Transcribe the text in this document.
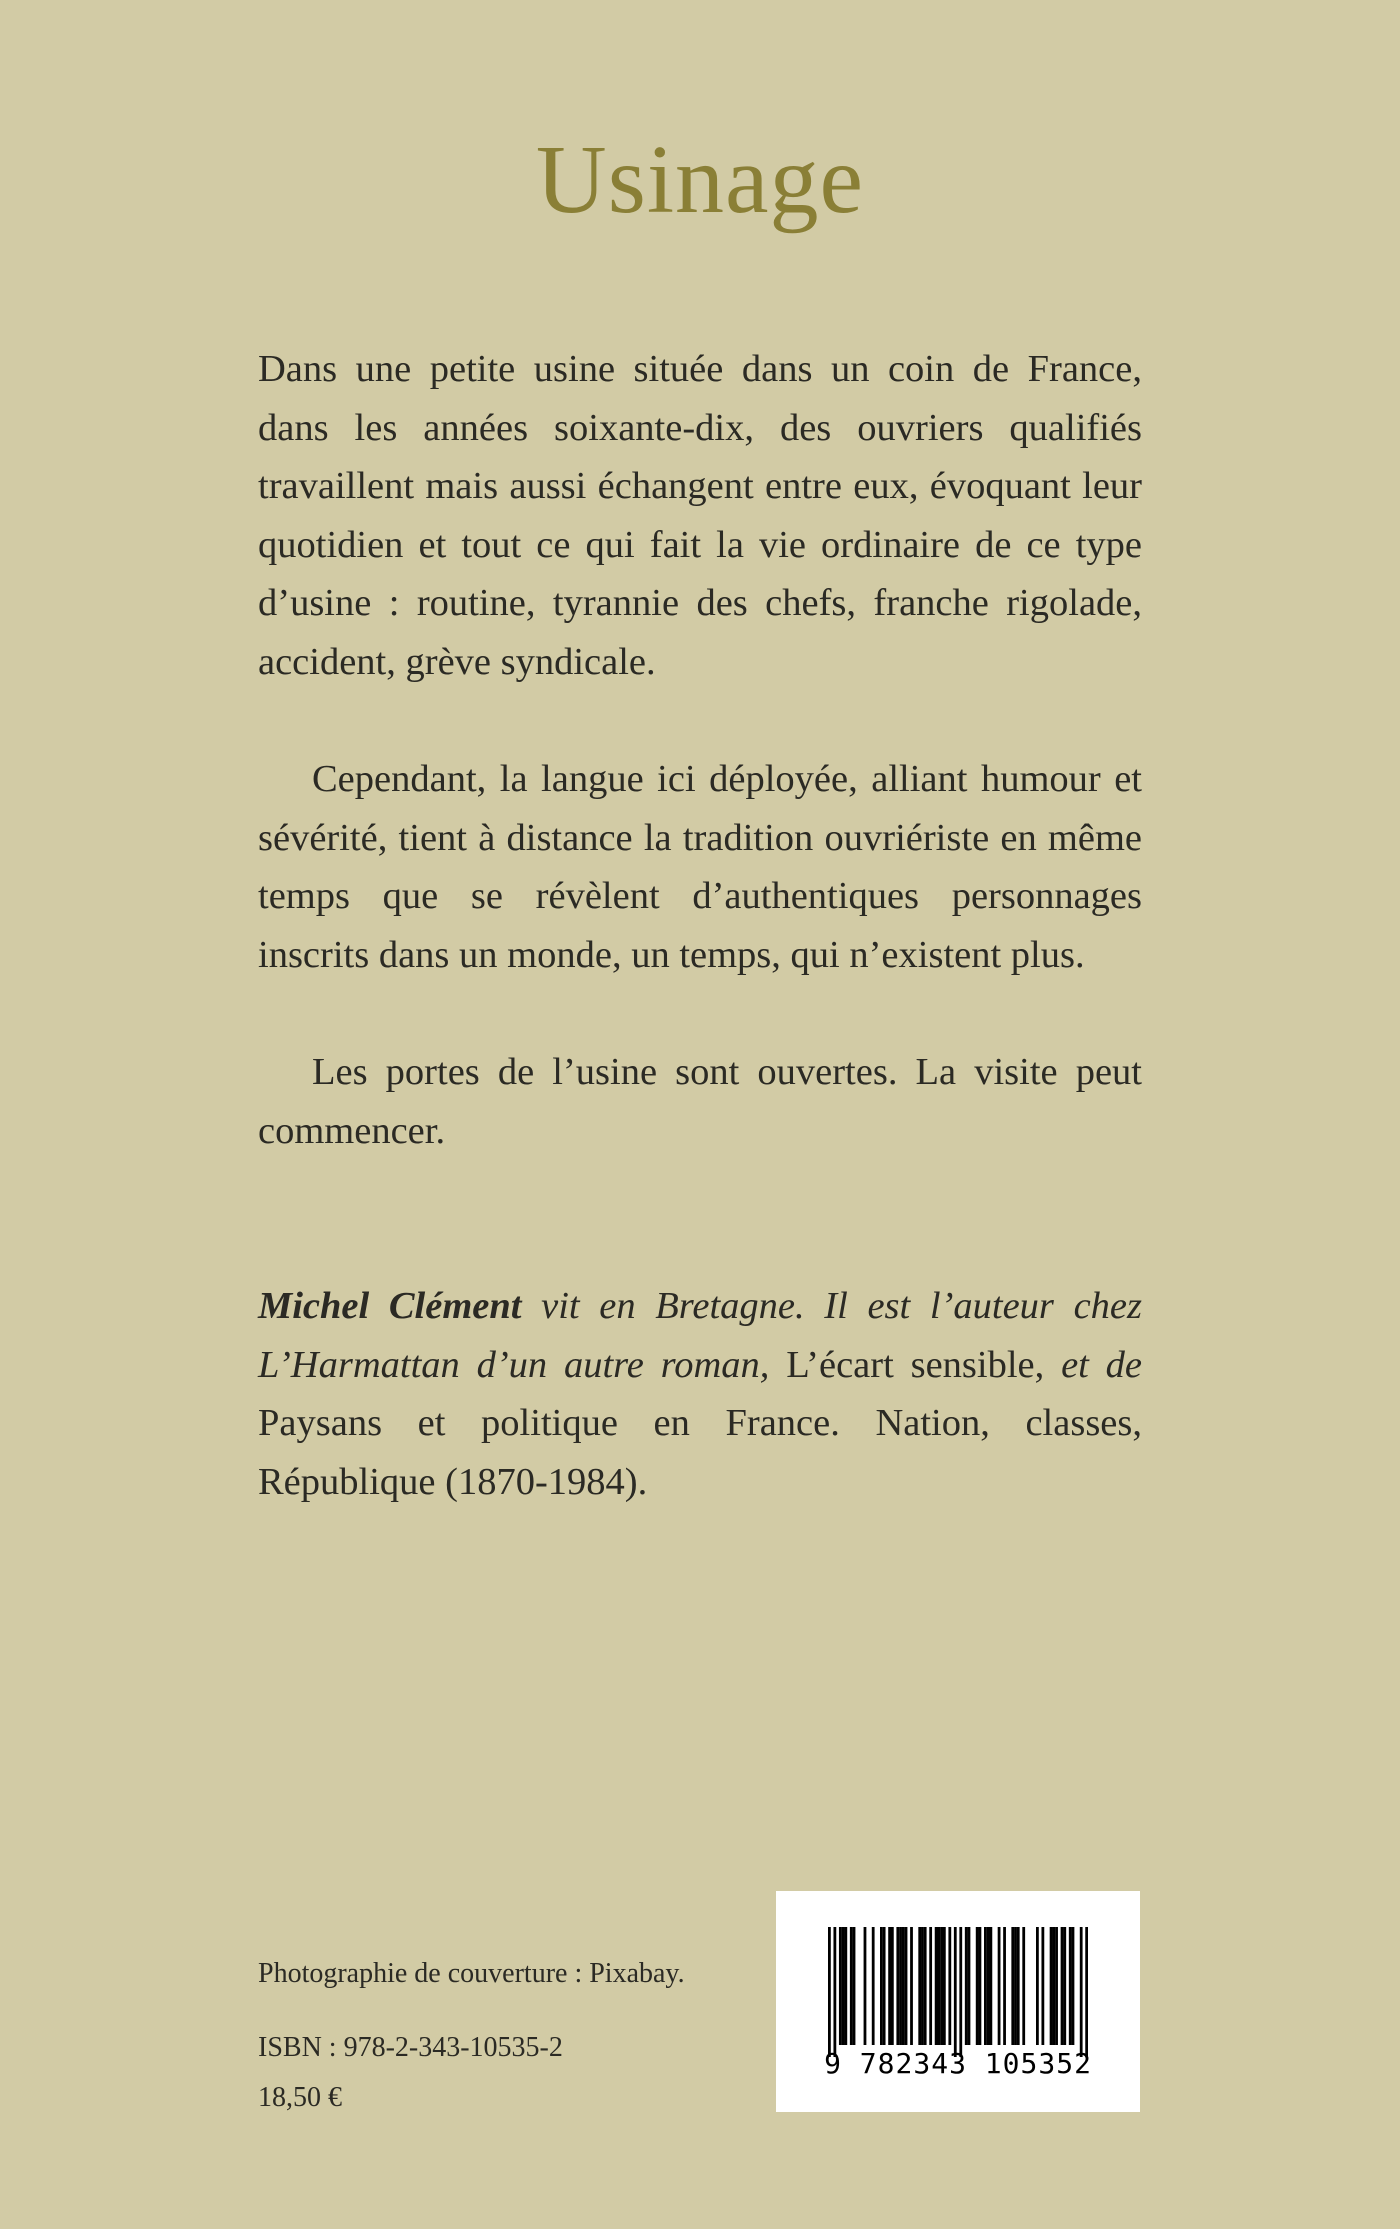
Usinage

Dans une petite usine située dans un coin de France, dans les années soixante-dix, des ouvriers qualifiés travaillent mais aussi échangent entre eux, évoquant leur quotidien et tout ce qui fait la vie ordinaire de ce type d’usine : routine, tyrannie des chefs, franche rigolade, accident, grève syndicale.

Cependant, la langue ici déployée, alliant humour et sévérité, tient à distance la tradition ouvriériste en même temps que se révèlent d’authentiques personnages inscrits dans un monde, un temps, qui n’existent plus.

Les portes de l’usine sont ouvertes. La visite peut commencer.

Michel Clément vit en Bretagne. Il est l’auteur chez L’Harmattan d’un autre roman, L’écart sensible, et de Paysans et politique en France. Nation, classes, République (1870-1984).

Photographie de couverture : Pixabay.
ISBN : 978-2-343-10535-2
18,50 €
9 782343 105352
